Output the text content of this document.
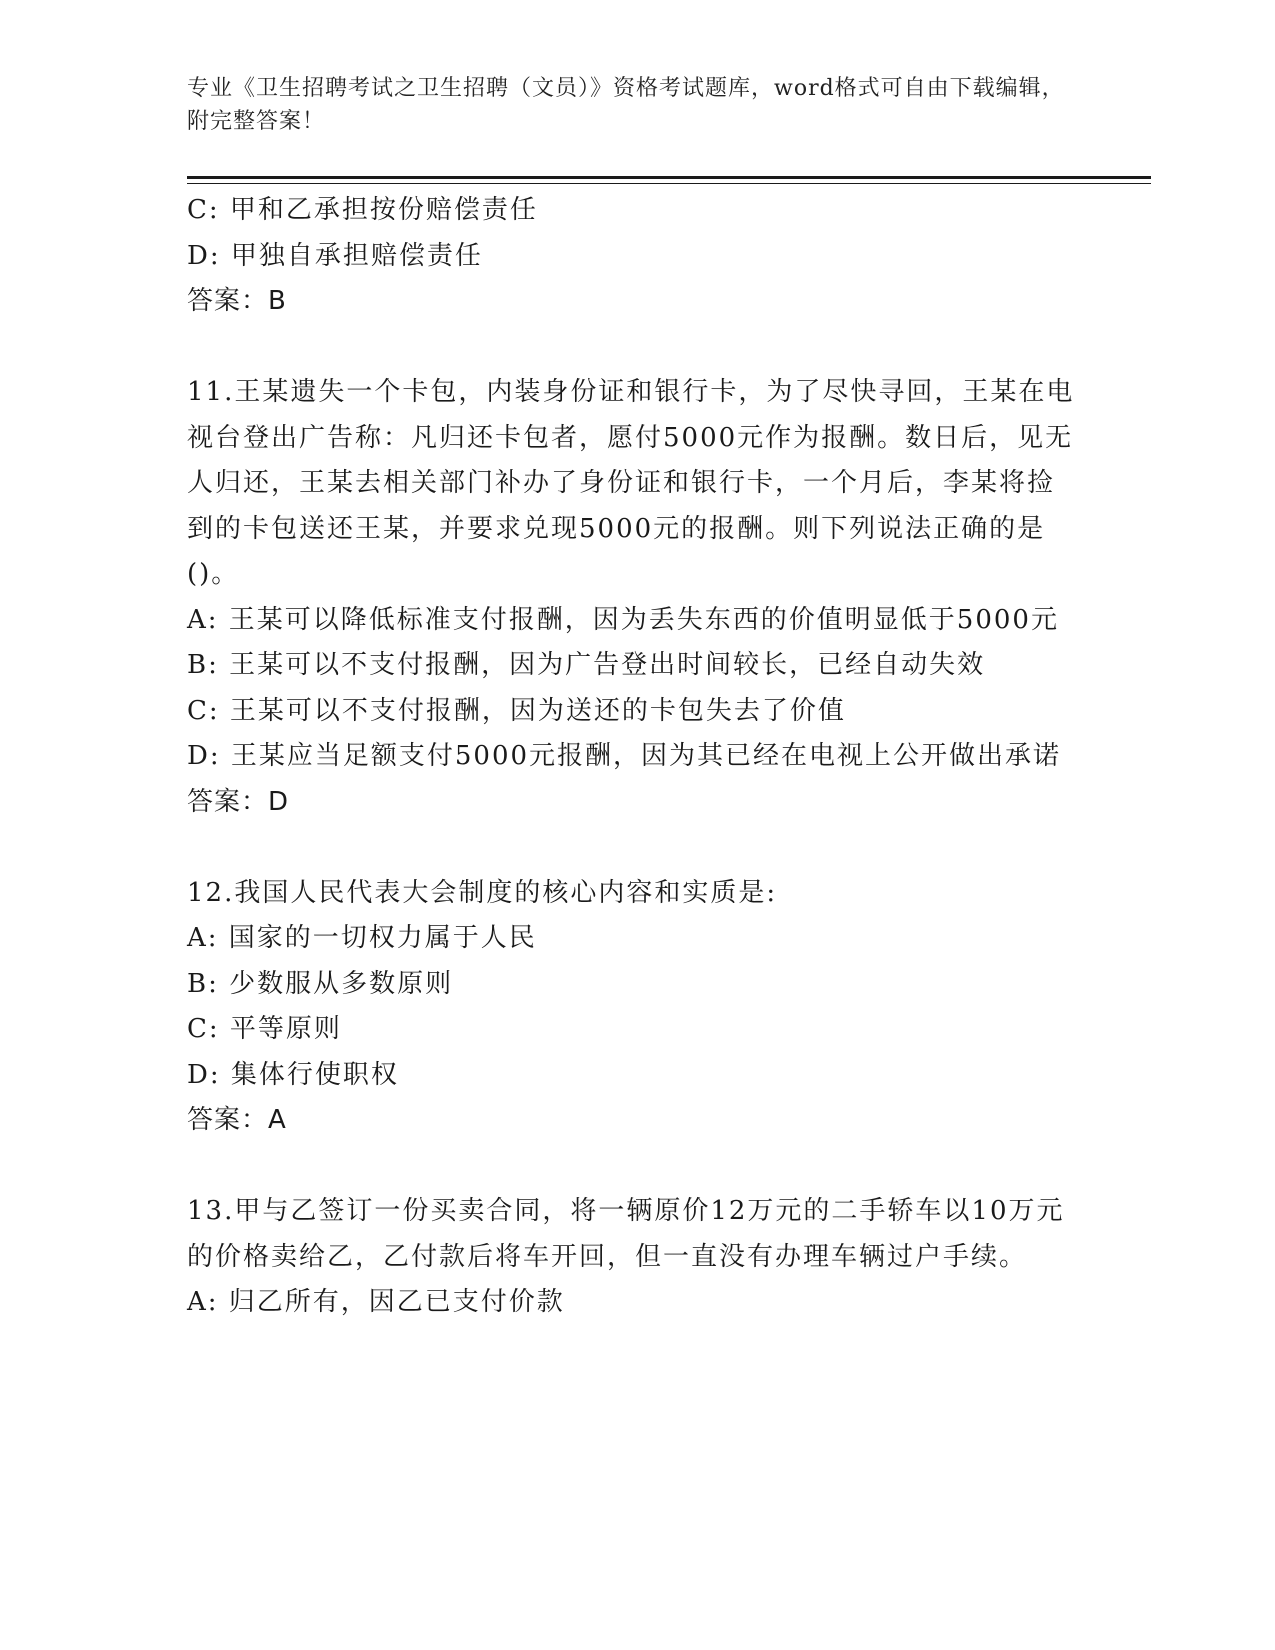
专业《卫生招聘考试之卫生招聘（文员）》资格考试题库，word格式可自由下载编辑，附完整答案！
C: 甲和乙承担按份赔偿责任
D: 甲独自承担赔偿责任
答案：B
11.王某遗失一个卡包，内装身份证和银行卡，为了尽快寻回，王某在电视台登出广告称：凡归还卡包者，愿付5000元作为报酬。数日后，见无人归还，王某去相关部门补办了身份证和银行卡，一个月后，李某将捡到的卡包送还王某，并要求兑现5000元的报酬。则下列说法正确的是()。
A: 王某可以降低标准支付报酬，因为丢失东西的价值明显低于5000元
B: 王某可以不支付报酬，因为广告登出时间较长，已经自动失效
C: 王某可以不支付报酬，因为送还的卡包失去了价值
D: 王某应当足额支付5000元报酬，因为其已经在电视上公开做出承诺
答案：D
12.我国人民代表大会制度的核心内容和实质是:
A: 国家的一切权力属于人民
B: 少数服从多数原则
C: 平等原则
D: 集体行使职权
答案：A
13.甲与乙签订一份买卖合同，将一辆原价12万元的二手轿车以10万元的价格卖给乙，乙付款后将车开回，但一直没有办理车辆过户手续。
A: 归乙所有，因乙已支付价款
